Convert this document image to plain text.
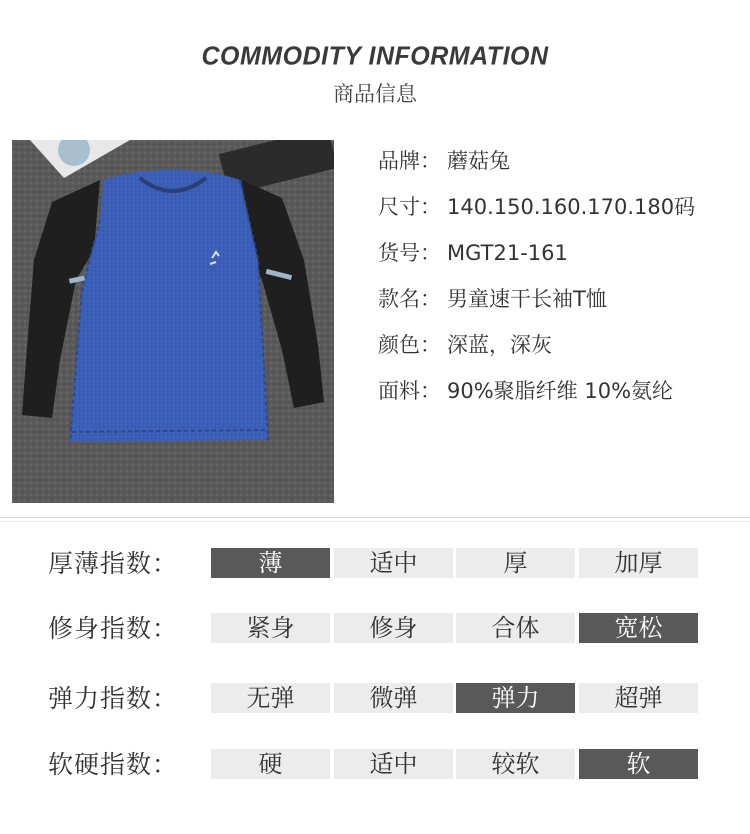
COMMODITY INFORMATION
商品信息
品牌： 蘑菇兔
尺寸： 140.150.160.170.180码
货号： MGT21-161
款名： 男童速干长袖T恤
颜色： 深蓝，深灰
面料： 90%聚脂纤维 10%氨纶
厚薄指数：	薄	适中	厚	加厚
修身指数：	紧身	修身	合体	宽松
弹力指数：	无弹	微弹	弹力	超弹
软硬指数：	硬	适中	较软	软
